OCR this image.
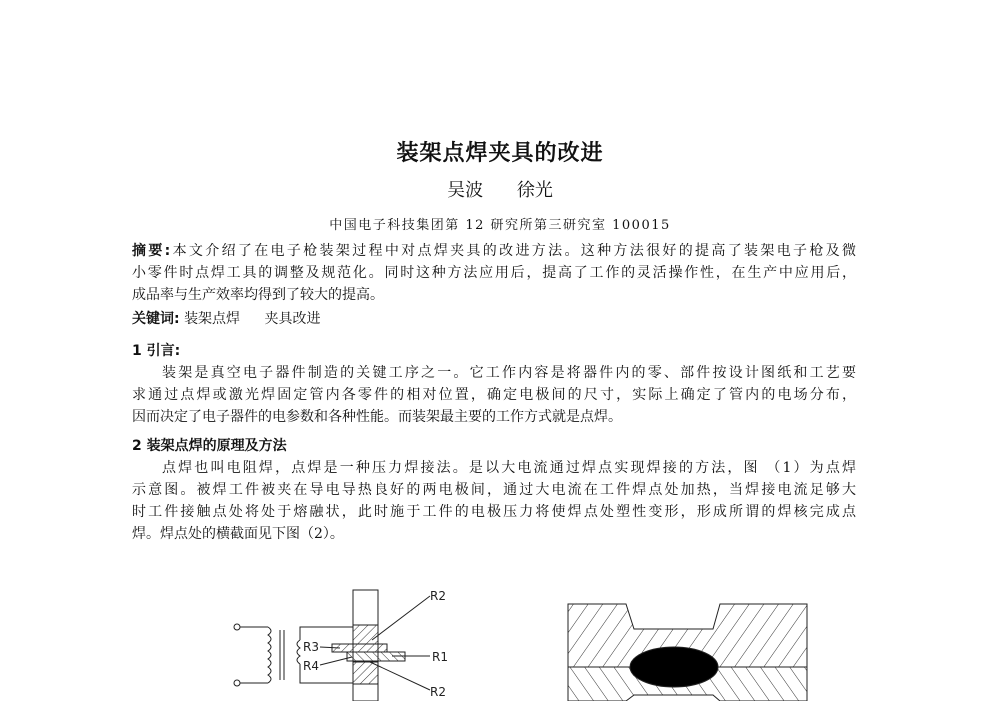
装架点焊夹具的改进
吴波 徐光
中国电子科技集团第 12 研究所第三研究室 100015
摘要:本文介绍了在电子枪装架过程中对点焊夹具的改进方法。这种方法很好的提高了装架电子枪及微
小零件时点焊工具的调整及规范化。同时这种方法应用后，提高了工作的灵活操作性，在生产中应用后，
成品率与生产效率均得到了较大的提高。
关键词: 装架点焊 夹具改进
1 引言:
装架是真空电子器件制造的关键工序之一。它工作内容是将器件内的零、部件按设计图纸和工艺要
求通过点焊或激光焊固定管内各零件的相对位置，确定电极间的尺寸，实际上确定了管内的电场分布，
因而决定了电子器件的电参数和各种性能。而装架最主要的工作方式就是点焊。
2 装架点焊的原理及方法
点焊也叫电阻焊，点焊是一种压力焊接法。是以大电流通过焊点实现焊接的方法，图 （1）为点焊
示意图。被焊工件被夹在导电导热良好的两电极间，通过大电流在工件焊点处加热，当焊接电流足够大
时工件接触点处将处于熔融状，此时施于工件的电极压力将使焊点处塑性变形，形成所谓的焊核完成点
焊。焊点处的横截面见下图（2）。
R2
R3
R4
R1
R2
